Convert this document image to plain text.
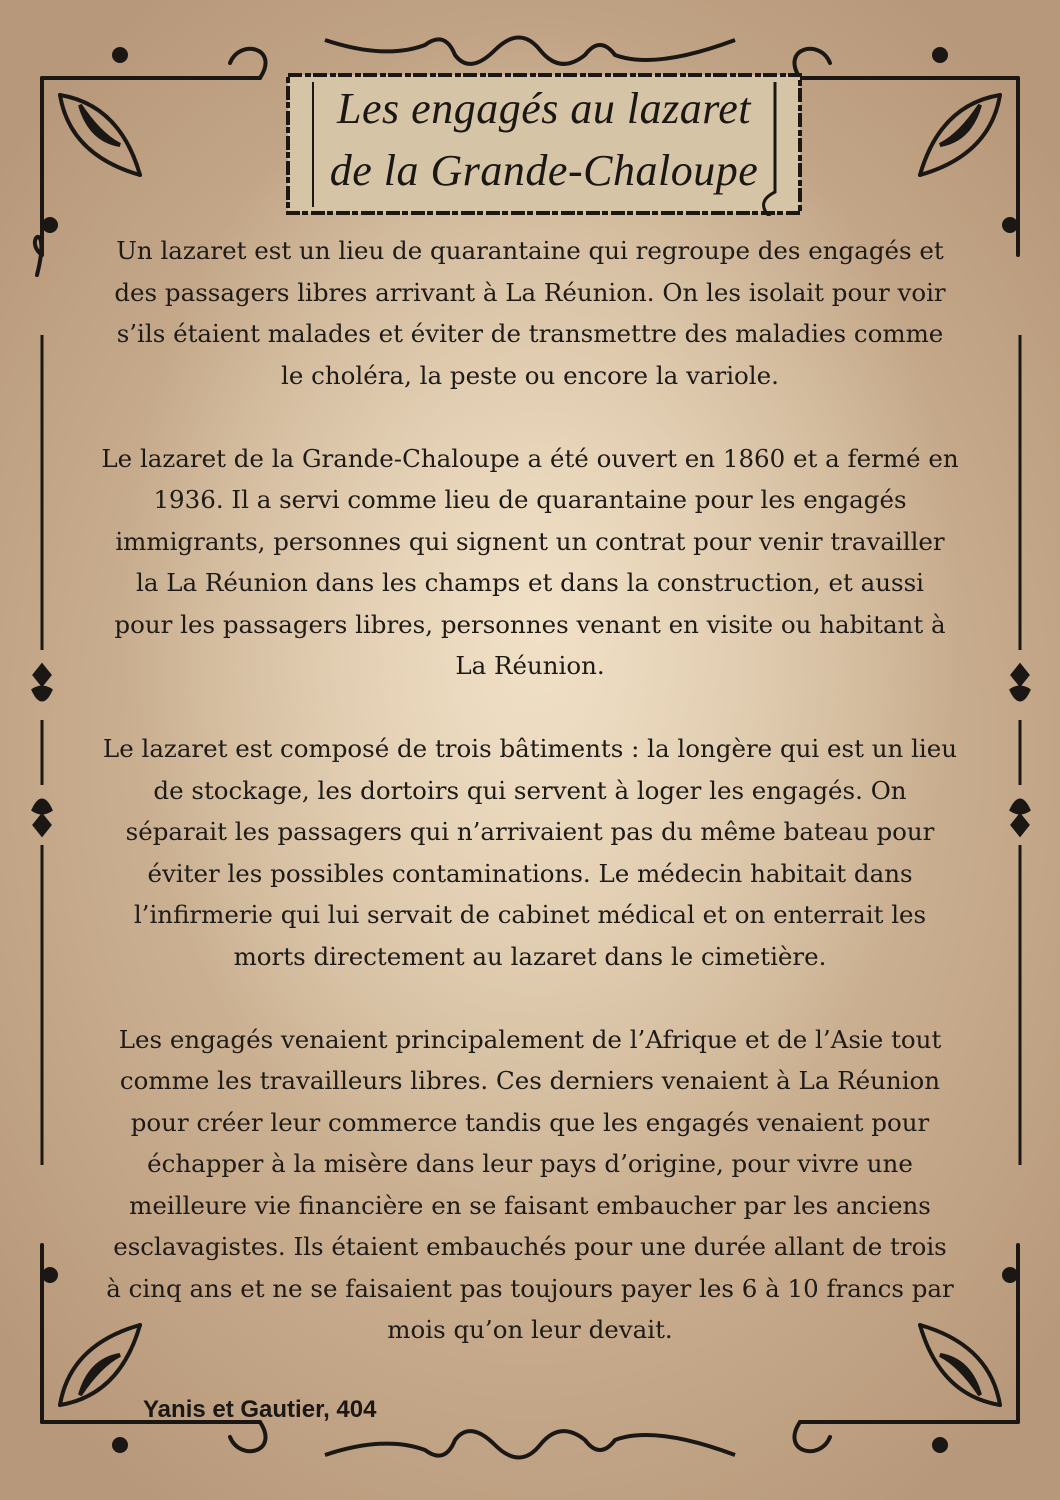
Les engagés au lazaret
de la Grande-Chaloupe
Un lazaret est un lieu de quarantaine qui regroupe des engagés et
des passagers libres arrivant à La Réunion. On les isolait pour voir
s’ils étaient malades et éviter de transmettre des maladies comme
le choléra, la peste ou encore la variole.
Le lazaret de la Grande-Chaloupe a été ouvert en 1860 et a fermé en
1936. Il a servi comme lieu de quarantaine pour les engagés
immigrants, personnes qui signent un contrat pour venir travailler
la La Réunion dans les champs et dans la construction, et aussi
pour les passagers libres, personnes venant en visite ou habitant à
La Réunion.
Le lazaret est composé de trois bâtiments : la longère qui est un lieu
de stockage, les dortoirs qui servent à loger les engagés. On
séparait les passagers qui n’arrivaient pas du même bateau pour
éviter les possibles contaminations. Le médecin habitait dans
l’infirmerie qui lui servait de cabinet médical et on enterrait les
morts directement au lazaret dans le cimetière.
Les engagés venaient principalement de l’Afrique et de l’Asie tout
comme les travailleurs libres. Ces derniers venaient à La Réunion
pour créer leur commerce tandis que les engagés venaient pour
échapper à la misère dans leur pays d’origine, pour vivre une
meilleure vie financière en se faisant embaucher par les anciens
esclavagistes. Ils étaient embauchés pour une durée allant de trois
à cinq ans et ne se faisaient pas toujours payer les 6 à 10 francs par
mois qu’on leur devait.
Yanis et Gautier, 404
